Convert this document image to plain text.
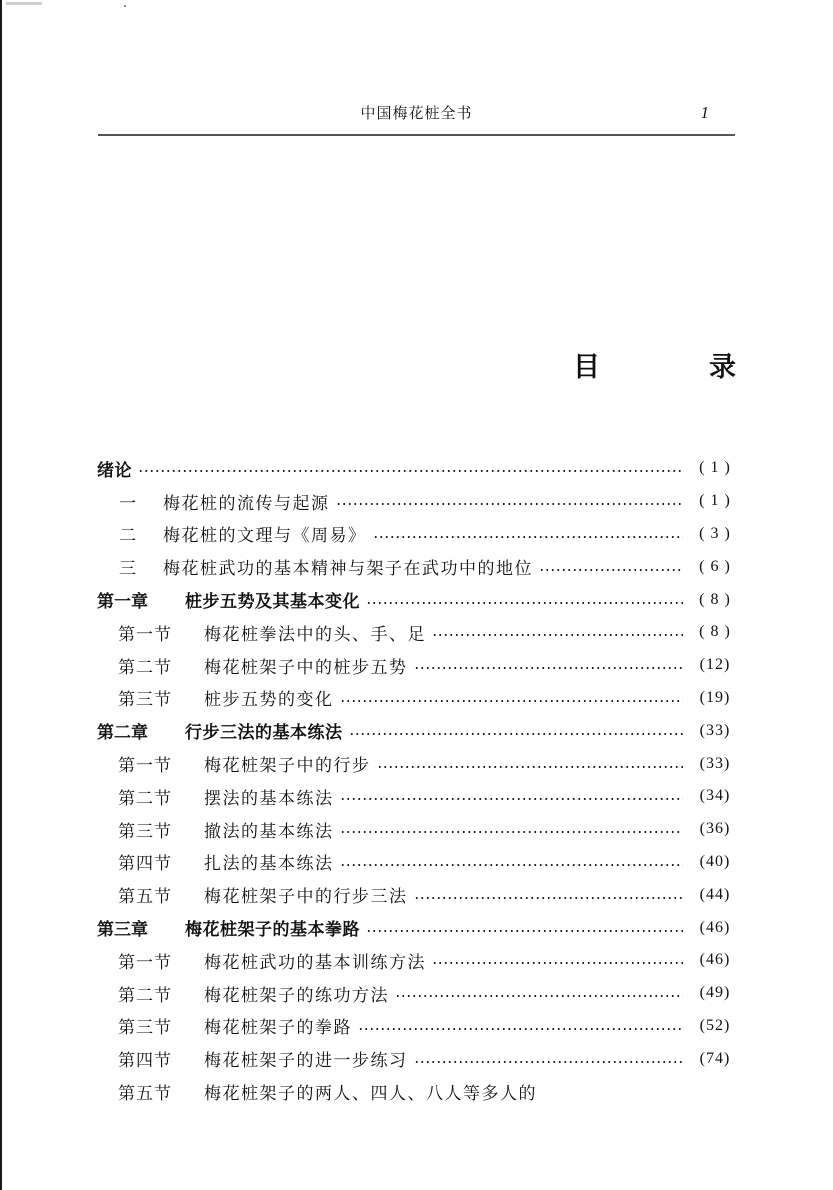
中国梅花桩全书	1
目	录
绪论	( 1 )
一	梅花桩的流传与起源	( 1 )
二	梅花桩的文理与《周易》	( 3 )
三	梅花桩武功的基本精神与架子在武功中的地位	( 6 )
第一章	桩步五势及其基本变化	( 8 )
第一节	梅花桩拳法中的头、手、足	( 8 )
第二节	梅花桩架子中的桩步五势	(12)
第三节	桩步五势的变化	(19)
第二章	行步三法的基本练法	(33)
第一节	梅花桩架子中的行步	(33)
第二节	摆法的基本练法	(34)
第三节	撤法的基本练法	(36)
第四节	扎法的基本练法	(40)
第五节	梅花桩架子中的行步三法	(44)
第三章	梅花桩架子的基本拳路	(46)
第一节	梅花桩武功的基本训练方法	(46)
第二节	梅花桩架子的练功方法	(49)
第三节	梅花桩架子的拳路	(52)
第四节	梅花桩架子的进一步练习	(74)
第五节	梅花桩架子的两人、四人、八人等多人的
